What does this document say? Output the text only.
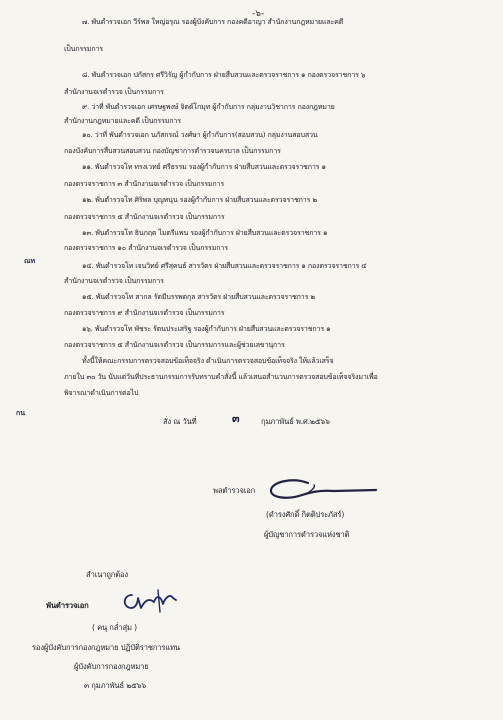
-๖-
๗. พันตำรวจเอก วีร์พล ใหญ่อรุณ รองผู้บังคับการ กองคดีอาญา สำนักงานกฎหมายและคดี
เป็นกรรมการ
๘. พันตำรวจเอก ปกัสกร ศรีวิรัญ ผู้กำกับการ ฝ่ายสืบสวนและตรวจราชการ ๑ กองตรวจราชการ ๖
สำนักงานจเรตำรวจ เป็นกรรมการ
๙. ว่าที่ พันตำรวจเอก เศรษฐพงษ์ จิตต์โกมุท ผู้กำกับการ กลุ่มงานวิชาการ กองกฎหมาย
สำนักงานกฎหมายและคดี เป็นกรรมการ
๑๐. ว่าที่ พันตำรวจเอก นภัสกรณ์ วงศ์ษา ผู้กำกับการ(สอบสวน) กลุ่มงานสอบสวน
กองบังคับการสืบสวนสอบสวน กองบัญชาการตำรวจนครบาล เป็นกรรมการ
๑๑. พันตำรวจโท ทรงเวทย์ ศรีธรรม รองผู้กำกับการ ฝ่ายสืบสวนและตรวจราชการ ๑
กองตรวจราชการ ๓ สำนักงานจเรตำรวจ เป็นกรรมการ
๑๒. พันตำรวจโท ศิริพล บุญหนุน รองผู้กำกับการ ฝ่ายสืบสวนและตรวจราชการ ๒
กองตรวจราชการ ๕ สำนักงานจเรตำรวจ เป็นกรรมการ
๑๓. พันตำรวจโท ธินกฤต ไมตรีแพน รองผู้กำกับการ ฝ่ายสืบสวนและตรวจราชการ ๑
กองตรวจราชการ ๑๐ สำนักงานจเรตำรวจ เป็นกรรมการ
๑๔. พันตำรวจโท เจนวิทย์ ศรีสุคนธ์ สารวัตร ฝ่ายสืบสวนและตรวจราชการ ๑ กองตรวจราชการ ๔
สำนักงานจเรตำรวจ เป็นกรรมการ
๑๕. พันตำรวจโท สากล รัตมีบรรพตกุล สารวัตร ฝ่ายสืบสวนและตรวจราชการ ๒
กองตรวจราชการ ๙ สำนักงานจเรตำรวจ เป็นกรรมการ
๑๖. พันตำรวจโท พัชระ รัตนประเสริฐ รองผู้กำกับการ ฝ่ายสืบสวนและตรวจราชการ ๑
กองตรวจราชการ ๕ สำนักงานจเรตำรวจ เป็นกรรมการและผู้ช่วยเลขานุการ
ทั้งนี้ให้คณะกรรมการตรวจสอบข้อเท็จจริง ดำเนินการตรวจสอบข้อเท็จจริง ให้แล้วเสร็จ
ภายใน ๓๐ วัน นับแต่วันที่ประธานกรรมการรับทราบคำสั่งนี้ แล้วเสนอสำนวนการตรวจสอบข้อเท็จจริงมาเพื่อ
พิจารณาดำเนินการต่อไป
สั่ง ณ วันที่	๓	กุมภาพันธ์ พ.ศ.๒๕๖๖
ณท
กน
พลตำรวจเอก
(ดำรงศักดิ์ กิตติประภัสร์)
ผู้บัญชาการตำรวจแห่งชาติ
สำเนาถูกต้อง
พันตำรวจเอก
( คนุ กล่ำสุ่ม )
รองผู้บังคับการกองกฎหมาย ปฏิบัติราชการแทน
ผู้บังคับการกองกฎหมาย
๓ กุมภาพันธ์ ๒๕๖๖
